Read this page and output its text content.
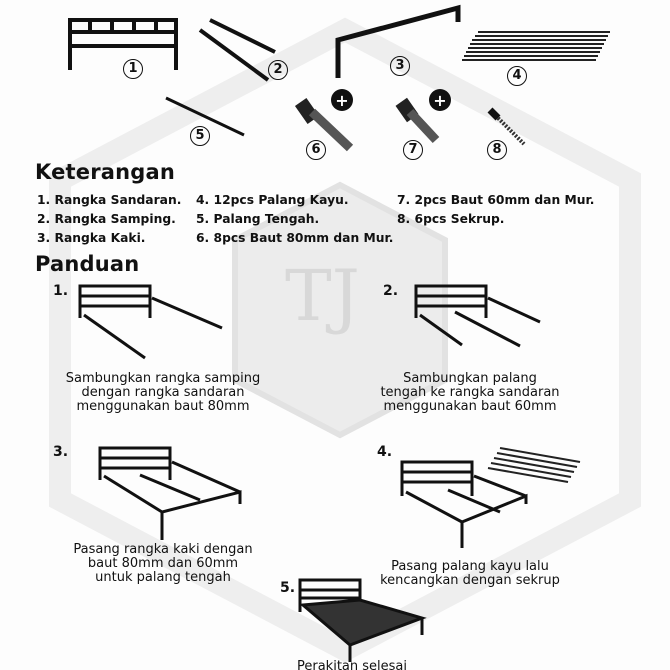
TJ
+	+
1	2	3
4
5
6	7	8
Keterangan
1. Rangka Sandaran.
2. Rangka Samping.
3. Rangka Kaki.
4. 12pcs Palang Kayu.
5. Palang Tengah.
6. 8pcs Baut 80mm dan Mur.
7. 2pcs Baut 60mm dan Mur.
8. 6pcs Sekrup.
Panduan
1.	2.
3.	4.
5.
Sambungkan rangka samping
dengan rangka sandaran
menggunakan baut 80mm
Sambungkan palang
tengah ke rangka sandaran
menggunakan baut 60mm
Pasang rangka kaki dengan
baut 80mm dan 60mm
untuk palang tengah
Pasang palang kayu lalu
kencangkan dengan sekrup
Perakitan selesai
